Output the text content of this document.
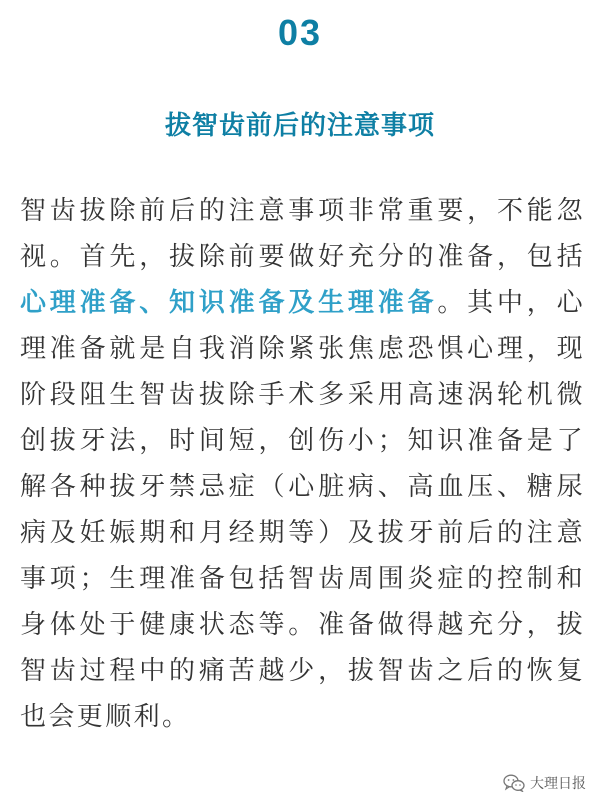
03
拔智齿前后的注意事项

智齿拔除前后的注意事项非常重要，不能忽视。首先，拔除前要做好充分的准备，包括心理准备、知识准备及生理准备。其中，心理准备就是自我消除紧张焦虑恐惧心理，现阶段阻生智齿拔除手术多采用高速涡轮机微创拔牙法，时间短，创伤小；知识准备是了解各种拔牙禁忌症（心脏病、高血压、糖尿病及妊娠期和月经期等）及拔牙前后的注意事项；生理准备包括智齿周围炎症的控制和身体处于健康状态等。准备做得越充分，拔智齿过程中的痛苦越少，拔智齿之后的恢复也会更顺利。

大理日报
